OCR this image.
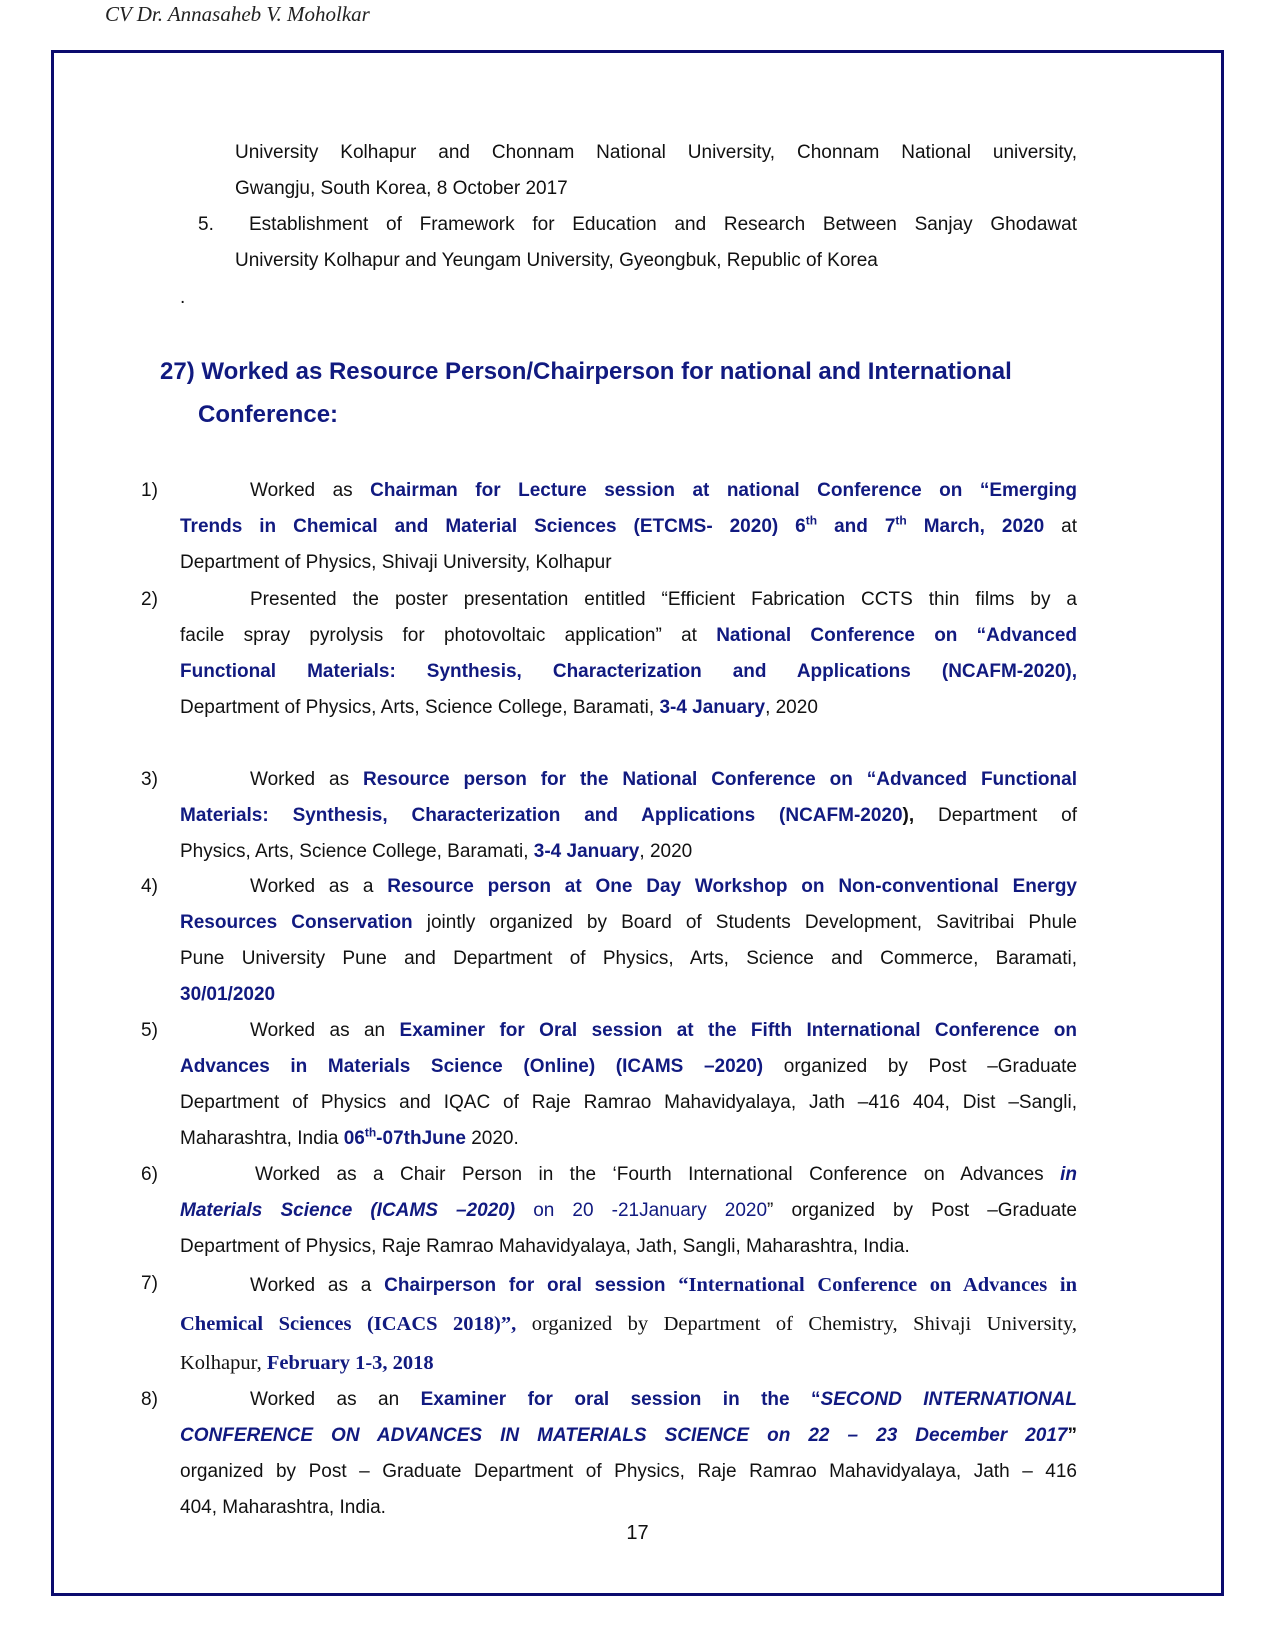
CV Dr. Annasaheb V. Moholkar
University Kolhapur and Chonnam National University, Chonnam National university,
Gwangju, South Korea, 8 October 2017
5. Establishment of Framework for Education and Research Between Sanjay Ghodawat
University Kolhapur and Yeungam University, Gyeongbuk, Republic of Korea
.
27) Worked as Resource Person/Chairperson for national and International
Conference:
1)	Worked as Chairman for Lecture session at national Conference on “Emerging
Trends in Chemical and Material Sciences (ETCMS- 2020) 6th and 7th March, 2020 at
Department of Physics, Shivaji University, Kolhapur
2)	Presented the poster presentation entitled “Efficient Fabrication CCTS thin films by a
facile spray pyrolysis for photovoltaic application” at National Conference on “Advanced
Functional Materials: Synthesis, Characterization and Applications (NCAFM-2020),
Department of Physics, Arts, Science College, Baramati, 3-4 January, 2020
3)	Worked as Resource person for the National Conference on “Advanced Functional
Materials: Synthesis, Characterization and Applications (NCAFM-2020), Department of
Physics, Arts, Science College, Baramati, 3-4 January, 2020
4)	Worked as a Resource person at One Day Workshop on Non-conventional Energy
Resources Conservation jointly organized by Board of Students Development, Savitribai Phule
Pune University Pune and Department of Physics, Arts, Science and Commerce, Baramati,
30/01/2020
5)	Worked as an Examiner for Oral session at the Fifth International Conference on
Advances in Materials Science (Online) (ICAMS –2020) organized by Post –Graduate
Department of Physics and IQAC of Raje Ramrao Mahavidyalaya, Jath –416 404, Dist –Sangli,
Maharashtra, India 06th-07thJune 2020.
6)	Worked as a Chair Person in the ‘Fourth International Conference on Advances in
Materials Science (ICAMS –2020) on 20 -21January 2020” organized by Post –Graduate
Department of Physics, Raje Ramrao Mahavidyalaya, Jath, Sangli, Maharashtra, India.
7)	Worked as a Chairperson for oral session “International Conference on Advances in
Chemical Sciences (ICACS 2018)”, organized by Department of Chemistry, Shivaji University,
Kolhapur, February 1-3, 2018
8)	Worked as an Examiner for oral session in the “SECOND INTERNATIONAL
CONFERENCE ON ADVANCES IN MATERIALS SCIENCE on 22 – 23 December 2017”
organized by Post – Graduate Department of Physics, Raje Ramrao Mahavidyalaya, Jath – 416
404, Maharashtra, India.
17
